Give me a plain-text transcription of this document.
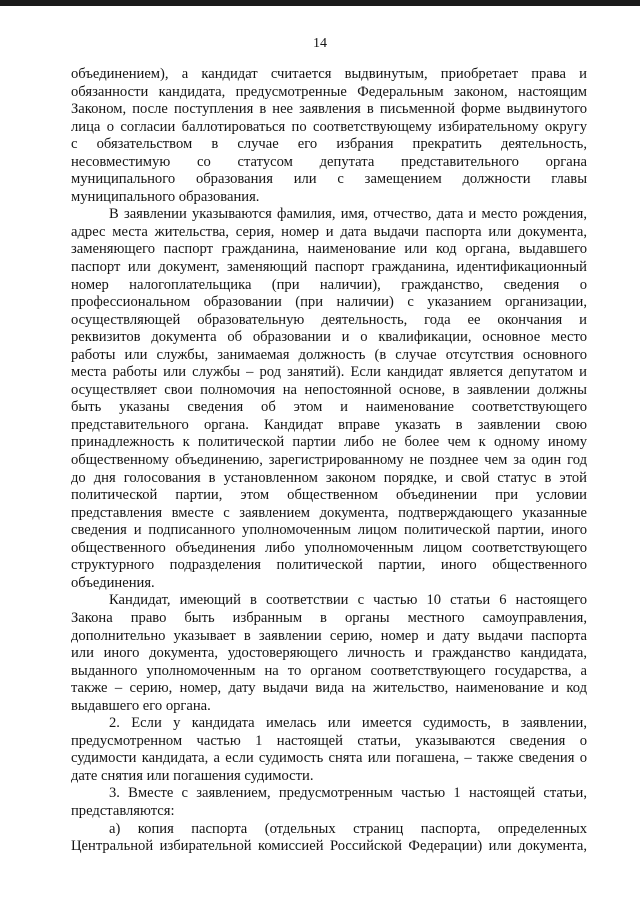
14
объединением), а кандидат считается выдвинутым, приобретает права и
обязанности кандидата, предусмотренные Федеральным законом, настоящим
Законом, после поступления в нее заявления в письменной форме выдвинутого
лица о согласии баллотироваться по соответствующему избирательному округу
с обязательством в случае его избрания прекратить деятельность,
несовместимую со статусом депутата представительного органа
муниципального образования или с замещением должности главы
муниципального образования.
В заявлении указываются фамилия, имя, отчество, дата и место рождения,
адрес места жительства, серия, номер и дата выдачи паспорта или документа,
заменяющего паспорт гражданина, наименование или код органа, выдавшего
паспорт или документ, заменяющий паспорт гражданина, идентификационный
номер налогоплательщика (при наличии), гражданство, сведения о
профессиональном образовании (при наличии) с указанием организации,
осуществляющей образовательную деятельность, года ее окончания и
реквизитов документа об образовании и о квалификации, основное место
работы или службы, занимаемая должность (в случае отсутствия основного
места работы или службы – род занятий). Если кандидат является депутатом и
осуществляет свои полномочия на непостоянной основе, в заявлении должны
быть указаны сведения об этом и наименование соответствующего
представительного органа. Кандидат вправе указать в заявлении свою
принадлежность к политической партии либо не более чем к одному иному
общественному объединению, зарегистрированному не позднее чем за один год
до дня голосования в установленном законом порядке, и свой статус в этой
политической партии, этом общественном объединении при условии
представления вместе с заявлением документа, подтверждающего указанные
сведения и подписанного уполномоченным лицом политической партии, иного
общественного объединения либо уполномоченным лицом соответствующего
структурного подразделения политической партии, иного общественного
объединения.
Кандидат, имеющий в соответствии с частью 10 статьи 6 настоящего
Закона право быть избранным в органы местного самоуправления,
дополнительно указывает в заявлении серию, номер и дату выдачи паспорта
или иного документа, удостоверяющего личность и гражданство кандидата,
выданного уполномоченным на то органом соответствующего государства, а
также – серию, номер, дату выдачи вида на жительство, наименование и код
выдавшего его органа.
2. Если у кандидата имелась или имеется судимость, в заявлении,
предусмотренном частью 1 настоящей статьи, указываются сведения о
судимости кандидата, а если судимость снята или погашена, – также сведения о
дате снятия или погашения судимости.
3. Вместе с заявлением, предусмотренным частью 1 настоящей статьи,
представляются:
а) копия паспорта (отдельных страниц паспорта, определенных
Центральной избирательной комиссией Российской Федерации) или документа,
